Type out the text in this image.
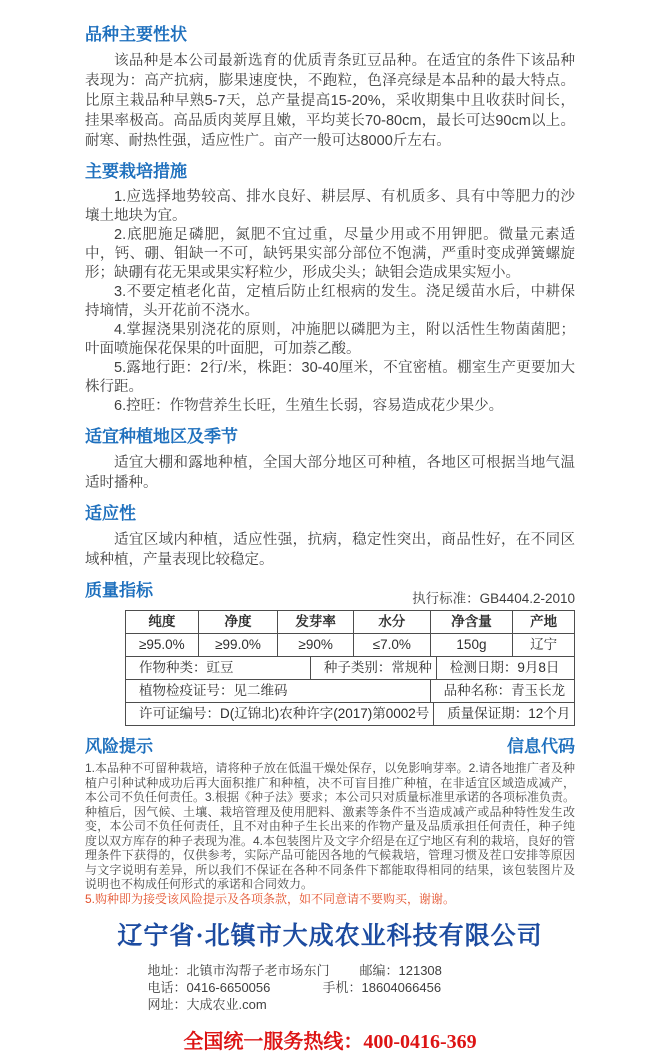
品种主要性状

该品种是本公司最新选育的优质青条豇豆品种。在适宜的条件下该品种表现为：高产抗病，膨果速度快，不跑粒，色泽亮绿是本品种的最大特点。比原主栽品种早熟5-7天，总产量提高15-20%，采收期集中且收获时间长，挂果率极高。高品质肉荚厚且嫩，平均荚长70-80cm，最长可达90cm以上。耐寒、耐热性强，适应性广。亩产一般可达8000斤左右。

主要栽培措施

1.应选择地势较高、排水良好、耕层厚、有机质多、具有中等肥力的沙壤土地块为宜。

2.底肥施足磷肥，氮肥不宜过重，尽量少用或不用钾肥。微量元素适中，钙、硼、钼缺一不可，缺钙果实部分部位不饱满，严重时变成弹簧螺旋形；缺硼有花无果或果实籽粒少，形成尖头；缺钼会造成果实短小。

3.不要定植老化苗，定植后防止红根病的发生。浇足缓苗水后，中耕保持墒情，头开花前不浇水。

4.掌握浇果别浇花的原则，冲施肥以磷肥为主，附以活性生物菌菌肥；叶面喷施保花保果的叶面肥，可加萘乙酸。

5.露地行距：2行/米，株距：30-40厘米，不宜密植。棚室生产更要加大株行距。

6.控旺：作物营养生长旺，生殖生长弱，容易造成花少果少。

适宜种植地区及季节

适宜大棚和露地种植，全国大部分地区可种植，各地区可根据当地气温适时播种。

适应性

适宜区域内种植，适应性强，抗病，稳定性突出，商品性好，在不同区域种植，产量表现比较稳定。

质量指标	执行标准：GB4404.2-2010
纯度	净度	发芽率	水分	净含量	产地
≥95.0%	≥99.0%	≥90%	≤7.0%	150g	辽宁
作物种类：豇豆	种子类别：常规种	检测日期：9月8日
植物检疫证号：见二维码	品种名称：青玉长龙
许可证编号：D(辽锦北)农种许字(2017)第0002号	质量保证期：12个月
风险提示	信息代码

1.本品种不可留种栽培，请将种子放在低温干燥处保存，以免影响芽率。2.请各地推广者及种植户引种试种成功后再大面积推广和种植，决不可盲目推广种植，在非适宜区域造成减产，本公司不负任何责任。3.根据《种子法》要求；本公司只对质量标准里承诺的各项标准负责。种植后，因气候、土壤、栽培管理及使用肥料、激素等条件不当造成减产或品种特性发生改变，本公司不负任何责任，且不对由种子生长出来的作物产量及品质承担任何责任，种子纯度以双方库存的种子表现为准。4.本包装图片及文字介绍是在辽宁地区有利的栽培，良好的管理条件下获得的，仅供参考，实际产品可能因各地的气候栽培，管理习惯及茬口安排等原因与文字说明有差异，所以我们不保证在各种不同条件下都能取得相同的结果，该包装图片及说明也不构成任何形式的承诺和合同效力。

5.购种即为接受该风险提示及各项条款，如不同意请不要购买，谢谢。

辽宁省·北镇市大成农业科技有限公司
地址： 北镇市沟帮子老市场东门 邮编： 121308
电话： 0416-6650056	手机： 18604066456
网址： 大成农业.com
全国统一服务热线：400-0416-369
